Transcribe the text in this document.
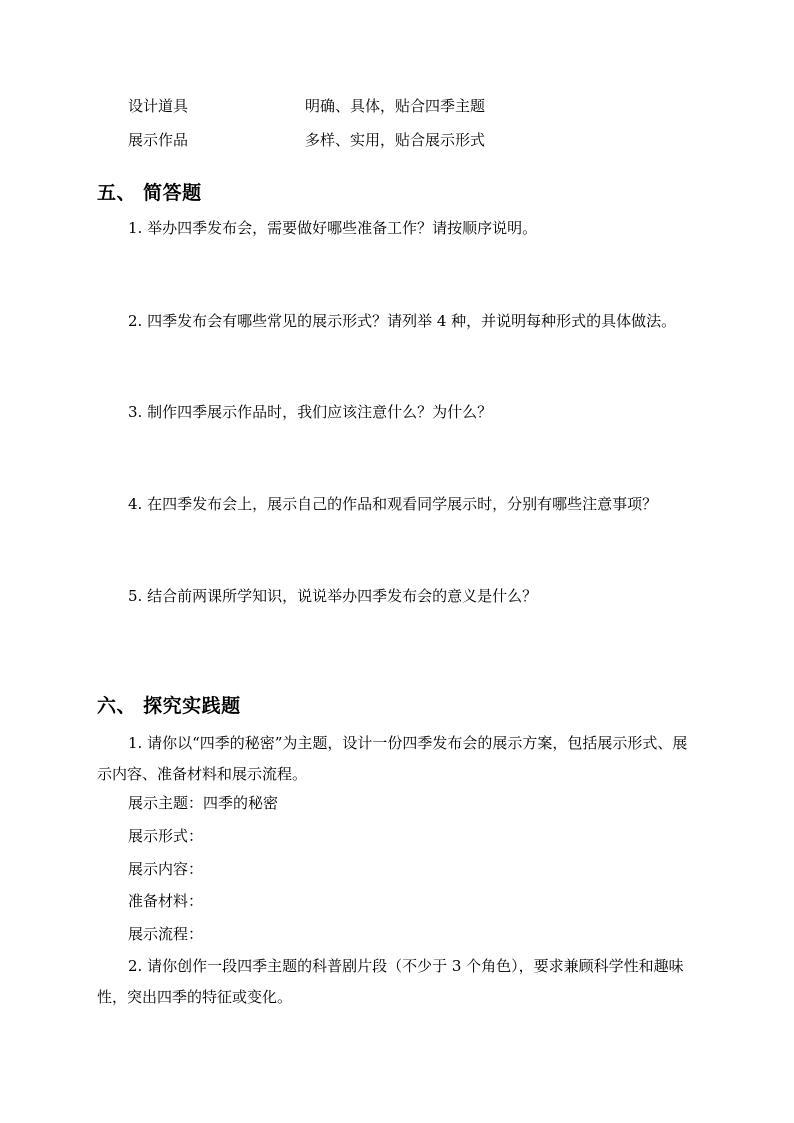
设计道具	明确、具体，贴合四季主题
展示作品	多样、实用，贴合展示形式
五、 简答题
1. 举办四季发布会，需要做好哪些准备工作？请按顺序说明。
2. 四季发布会有哪些常见的展示形式？请列举 4 种，并说明每种形式的具体做法。
3. 制作四季展示作品时，我们应该注意什么？为什么？
4. 在四季发布会上，展示自己的作品和观看同学展示时，分别有哪些注意事项？
5. 结合前两课所学知识，说说举办四季发布会的意义是什么？
六、 探究实践题
1. 请你以“四季的秘密”为主题，设计一份四季发布会的展示方案，包括展示形式、展示内容、准备材料和展示流程。
展示主题：四季的秘密
展示形式：
展示内容：
准备材料：
展示流程：
2. 请你创作一段四季主题的科普剧片段（不少于 3 个角色），要求兼顾科学性和趣味性，突出四季的特征或变化。
